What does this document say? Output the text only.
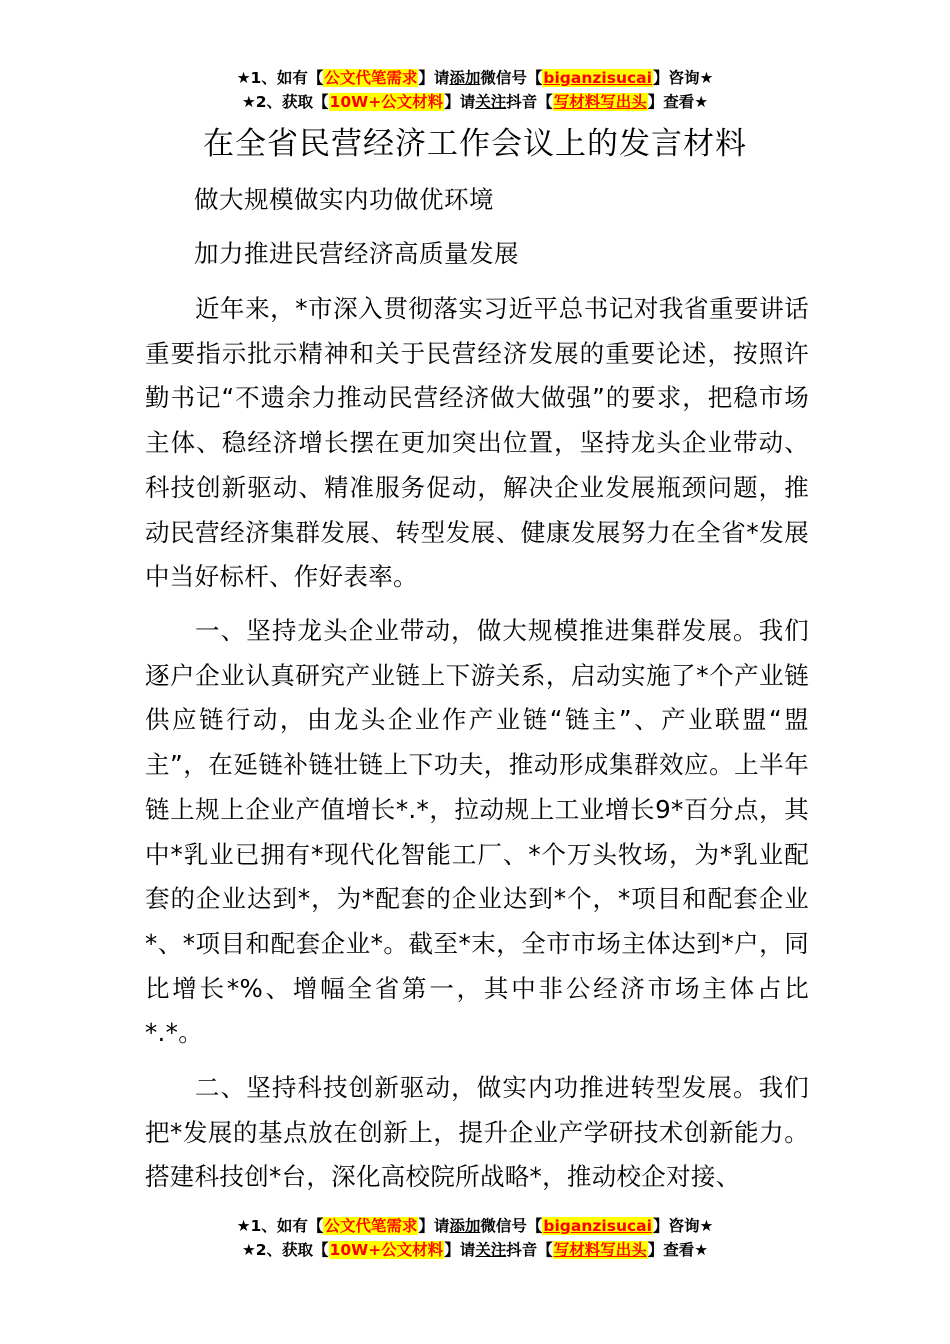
★1、如有【公文代笔需求】请添加微信号【biganzisucai】咨询★
★2、获取【10W+公文材料】请关注抖音【写材料写出头】查看★
在全省民营经济工作会议上的发言材料
做大规模做实内功做优环境
加力推进民营经济高质量发展

近年来，*市深入贯彻落实习近平总书记对我省重要讲话重要指示批示精神和关于民营经济发展的重要论述，按照许勤书记“不遗余力推动民营经济做大做强”的要求，把稳市场主体、稳经济增长摆在更加突出位置，坚持龙头企业带动、科技创新驱动、精准服务促动，解决企业发展瓶颈问题，推动民营经济集群发展、转型发展、健康发展努力在全省*发展中当好标杆、作好表率。

一、坚持龙头企业带动，做大规模推进集群发展。我们逐户企业认真研究产业链上下游关系，启动实施了*个产业链供应链行动，由龙头企业作产业链“链主”、产业联盟“盟主”，在延链补链壮链上下功夫，推动形成集群效应。上半年链上规上企业产值增长*.*，拉动规上工业增长9*百分点，其中*乳业已拥有*现代化智能工厂、*个万头牧场，为*乳业配套的企业达到*，为*配套的企业达到*个，*项目和配套企业*、*项目和配套企业*。截至*末，全市市场主体达到*户，同比增长*%、增幅全省第一，其中非公经济市场主体占比*.*。

二、坚持科技创新驱动，做实内功推进转型发展。我们把*发展的基点放在创新上，提升企业产学研技术创新能力。搭建科技创*台，深化高校院所战略*，推动校企对接、

★1、如有【公文代笔需求】请添加微信号【biganzisucai】咨询★
★2、获取【10W+公文材料】请关注抖音【写材料写出头】查看★
